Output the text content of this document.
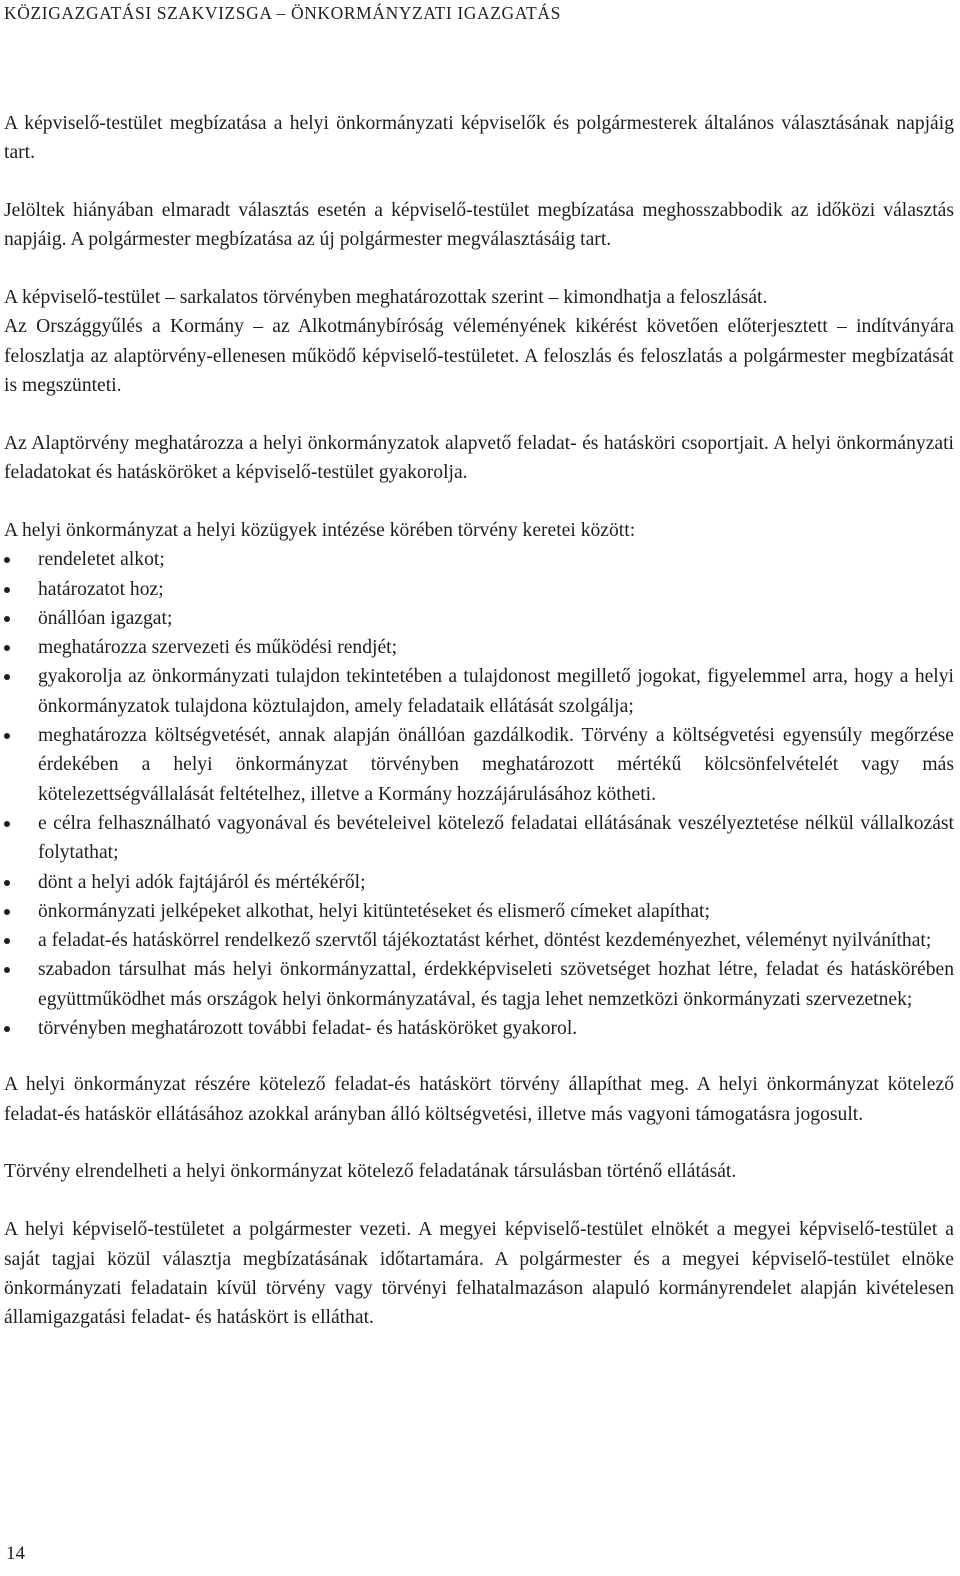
KÖZIGAZGATÁSI SZAKVIZSGA – ÖNKORMÁNYZATI IGAZGATÁS

A képviselő-testület megbízatása a helyi önkormányzati képviselők és polgármesterek általános választásának napjáig tart.

Jelöltek hiányában elmaradt választás esetén a képviselő-testület megbízatása meghosszabbodik az időközi választás napjáig. A polgármester megbízatása az új polgármester megválasztásáig tart.

A képviselő-testület – sarkalatos törvényben meghatározottak szerint – kimondhatja a feloszlását.

Az Országgyűlés a Kormány – az Alkotmánybíróság véleményének kikérést követően előterjesztett – indítványára feloszlatja az alaptörvény-ellenesen működő képviselő-testületet. A feloszlás és feloszlatás a polgármester megbízatását is megszünteti.

Az Alaptörvény meghatározza a helyi önkormányzatok alapvető feladat- és hatásköri csoportjait. A helyi önkormányzati feladatokat és hatásköröket a képviselő-testület gyakorolja.

A helyi önkormányzat a helyi közügyek intézése körében törvény keretei között:

rendeletet alkot;
határozatot hoz;
önállóan igazgat;
meghatározza szervezeti és működési rendjét;
gyakorolja az önkormányzati tulajdon tekintetében a tulajdonost megillető jogokat, figyelemmel arra, hogy a helyi önkormányzatok tulajdona köztulajdon, amely feladataik ellátását szolgálja;
meghatározza költségvetését, annak alapján önállóan gazdálkodik. Törvény a költségvetési egyensúly megőrzése érdekében a helyi önkormányzat törvényben meghatározott mértékű kölcsönfelvételét vagy más kötelezettségvállalását feltételhez, illetve a Kormány hozzájárulásához kötheti.
e célra felhasználható vagyonával és bevételeivel kötelező feladatai ellátásának veszélyeztetése nélkül vállalkozást folytathat;
dönt a helyi adók fajtájáról és mértékéről;
önkormányzati jelképeket alkothat, helyi kitüntetéseket és elismerő címeket alapíthat;
a feladat-és hatáskörrel rendelkező szervtől tájékoztatást kérhet, döntést kezdeményezhet, véleményt nyilváníthat;
szabadon társulhat más helyi önkormányzattal, érdekképviseleti szövetséget hozhat létre, feladat és hatáskörében együttműködhet más országok helyi önkormányzatával, és tagja lehet nemzetközi önkormányzati szervezetnek;
törvényben meghatározott további feladat- és hatásköröket gyakorol.

A helyi önkormányzat részére kötelező feladat-és hatáskört törvény állapíthat meg. A helyi önkormányzat kötelező feladat-és hatáskör ellátásához azokkal arányban álló költségvetési, illetve más vagyoni támogatásra jogosult.

Törvény elrendelheti a helyi önkormányzat kötelező feladatának társulásban történő ellátását.

A helyi képviselő-testületet a polgármester vezeti. A megyei képviselő-testület elnökét a megyei képviselő-testület a saját tagjai közül választja megbízatásának időtartamára. A polgármester és a megyei képviselő-testület elnöke önkormányzati feladatain kívül törvény vagy törvényi felhatalmazáson alapuló kormányrendelet alapján kivételesen államigazgatási feladat- és hatáskört is elláthat.

14
